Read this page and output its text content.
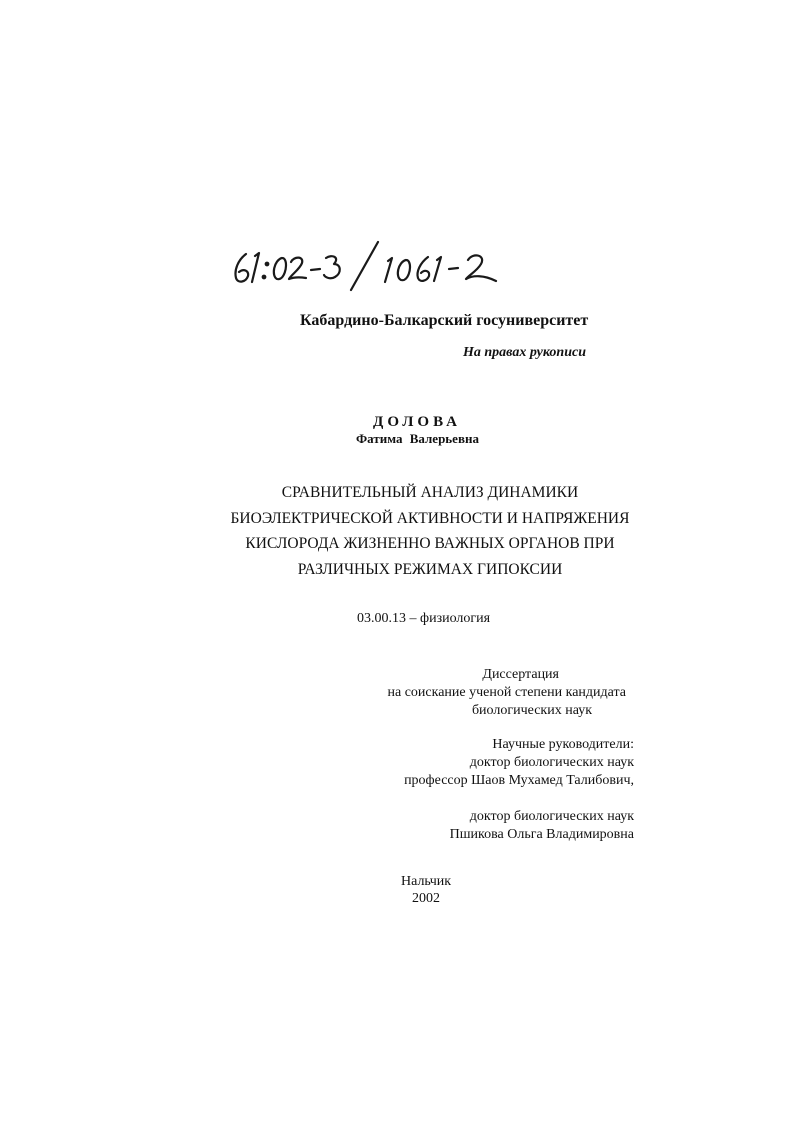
Кабардино-Балкарский госуниверситет
На правах рукописи
ДОЛОВА
Фатима Валерьевна
СРАВНИТЕЛЬНЫЙ АНАЛИЗ ДИНАМИКИ
БИОЭЛЕКТРИЧЕСКОЙ АКТИВНОСТИ И НАПРЯЖЕНИЯ
КИСЛОРОДА ЖИЗНЕННО ВАЖНЫХ ОРГАНОВ ПРИ
РАЗЛИЧНЫХ РЕЖИМАХ ГИПОКСИИ
03.00.13 – физиология
Диссертация
на соискание ученой степени кандидата
биологических наук
Научные руководители:
доктор биологических наук
профессор Шаов Мухамед Талибович,
доктор биологических наук
Пшикова Ольга Владимировна
Нальчик
2002
